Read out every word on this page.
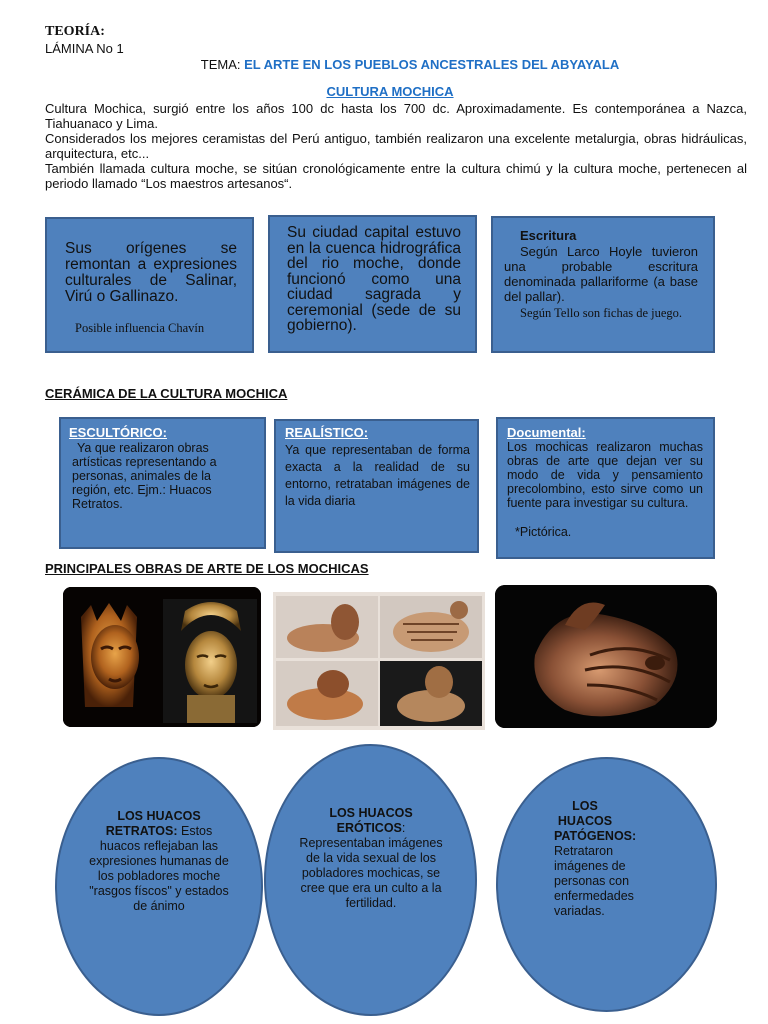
TEORÍA:
LÁMINA No 1
TEMA: EL ARTE EN LOS PUEBLOS ANCESTRALES DEL ABYAYALA
CULTURA MOCHICA

Cultura Mochica, surgió entre los años 100 dc hasta los 700 dc. Aproximadamente. Es contemporánea a Nazca, Tiahuanaco y Lima.

Considerados los mejores ceramistas del Perú antiguo, también realizaron una excelente metalurgia, obras hidráulicas, arquitectura, etc...

También llamada cultura moche, se sitúan cronológicamente entre la cultura chimú y la cultura moche, pertenecen al periodo llamado “Los maestros artesanos“.

Sus orígenes se remontan a expresiones culturales de Salinar, Virú o Gallinazo.

Posible influencia Chavín

Su ciudad capital estuvo en la cuenca hidrográfica del rio moche, donde funcionó como una ciudad sagrada y ceremonial (sede de su gobierno).

Escritura

Según Larco Hoyle tuvieron una probable escritura denominada pallariforme (a base del pallar).

Según Tello son fichas de juego.

CERÁMICA DE LA CULTURA MOCHICA

ESCULTÓRICO:

Ya que realizaron obras artísticas representando a personas, animales de la región, etc. Ejm.: Huacos Retratos.

REALÍSTICO:

Ya que representaban de forma exacta a la realidad de su entorno, retrataban imágenes de la vida diaria

Documental:

Los mochicas realizaron muchas obras de arte que dejan ver su modo de vida y pensamiento precolombino, esto sirve como un fuente para investigar su cultura.

*Pictórica.

PRINCIPALES OBRAS DE ARTE DE LOS MOCHICAS
LOS HUACOS RETRATOS: Estos huacos reflejaban las expresiones humanas de los pobladores moche "rasgos físcos" y estados de ánimo
LOS HUACOS ERÓTICOS:
Representaban imágenes de la vida sexual de los pobladores mochicas, se cree que era un culto a la fertilidad.
LOS HUACOS PATÓGENOS:
Retrataron imágenes de personas con enfermedades variadas.
